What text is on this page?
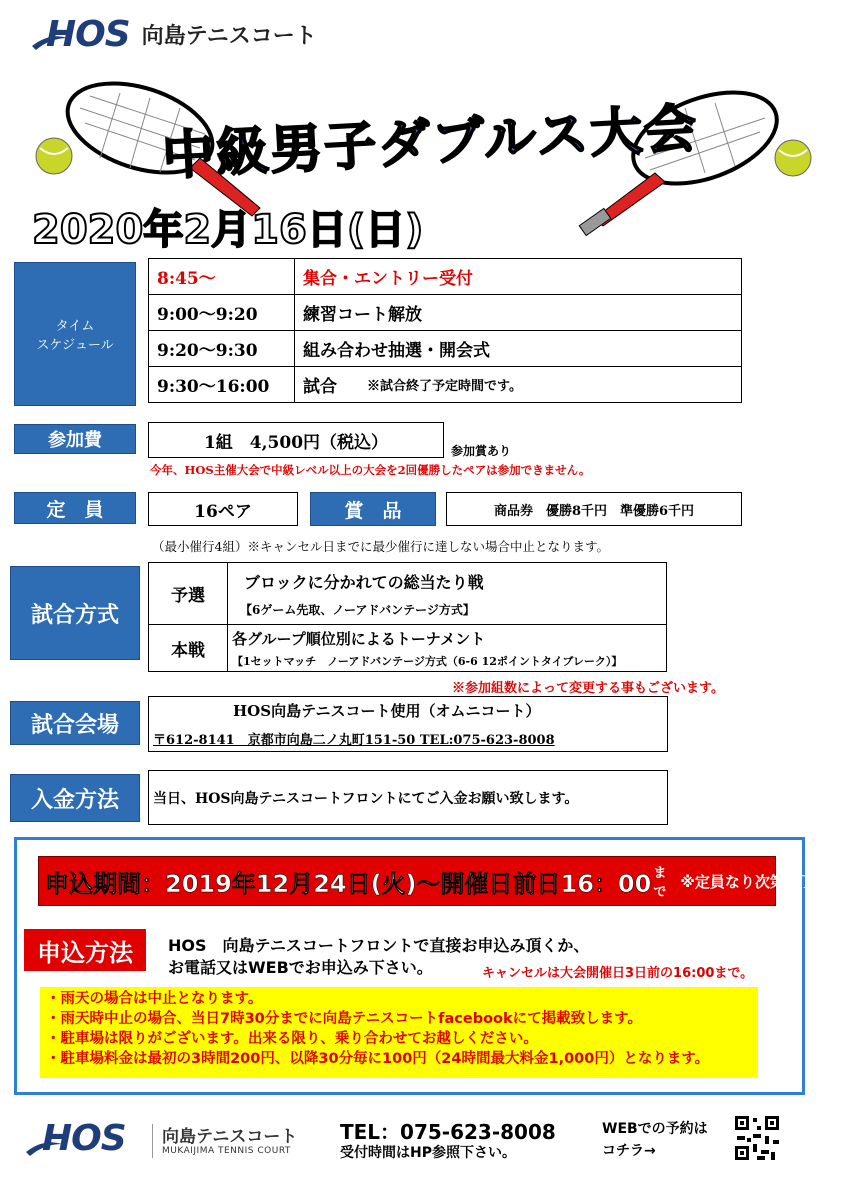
HOS 向島テニスコート
中級男子ダブルス大会
2020年2月16日(日)
タイム
スケジュール
8:45～	集合・エントリー受付
9:00～9:20	練習コート解放
9:20～9:30	組み合わせ抽選・開会式
9:30～16:00	試合 ※試合終了予定時間です。
参加費	1組　4,500円（税込）	参加賞あり
今年、HOS主催大会で中級レベル以上の大会を2回優勝したペアは参加できません。
定　員	16ペア	賞　品	商品券　優勝8千円　準優勝6千円
（最小催行4組）※キャンセル日までに最少催行に達しない場合中止となります。
試合方式
予選
ブロックに分かれての総当たり戦
【6ゲーム先取、ノーアドバンテージ方式】
本戦
各グループ順位別によるトーナメント
【1セットマッチ　ノーアドバンテージ方式（6-6 12ポイントタイブレーク）】
※参加組数によって変更する事もございます。
試合会場
HOS向島テニスコート使用（オムニコート）
〒612-8141　京都市向島二ノ丸町151-50 TEL:075-623-8008
入金方法	当日、HOS向島テニスコートフロントにてご入金お願い致します。
申込期間：2019年12月24日(火)～開催日前日16：00 まで
※定員なり次第終了です。
申込方法	HOS　向島テニスコートフロントで直接お申込み頂くか、
お電話又はWEBでお申込み下さい。	キャンセルは大会開催日3日前の16:00まで。
・雨天の場合は中止となります。
・雨天時中止の場合、当日7時30分までに向島テニスコートfacebookにて掲載致します。
・駐車場は限りがございます。出来る限り、乗り合わせてお越しください。
・駐車場料金は最初の3時間200円、以降30分毎に100円（24時間最大料金1,000円）となります。
HOS 向島テニスコート
MUKAIJIMA TENNIS COURT
TEL：075-623-8008
受付時間はHP参照下さい。
WEBでの予約は
コチラ→
